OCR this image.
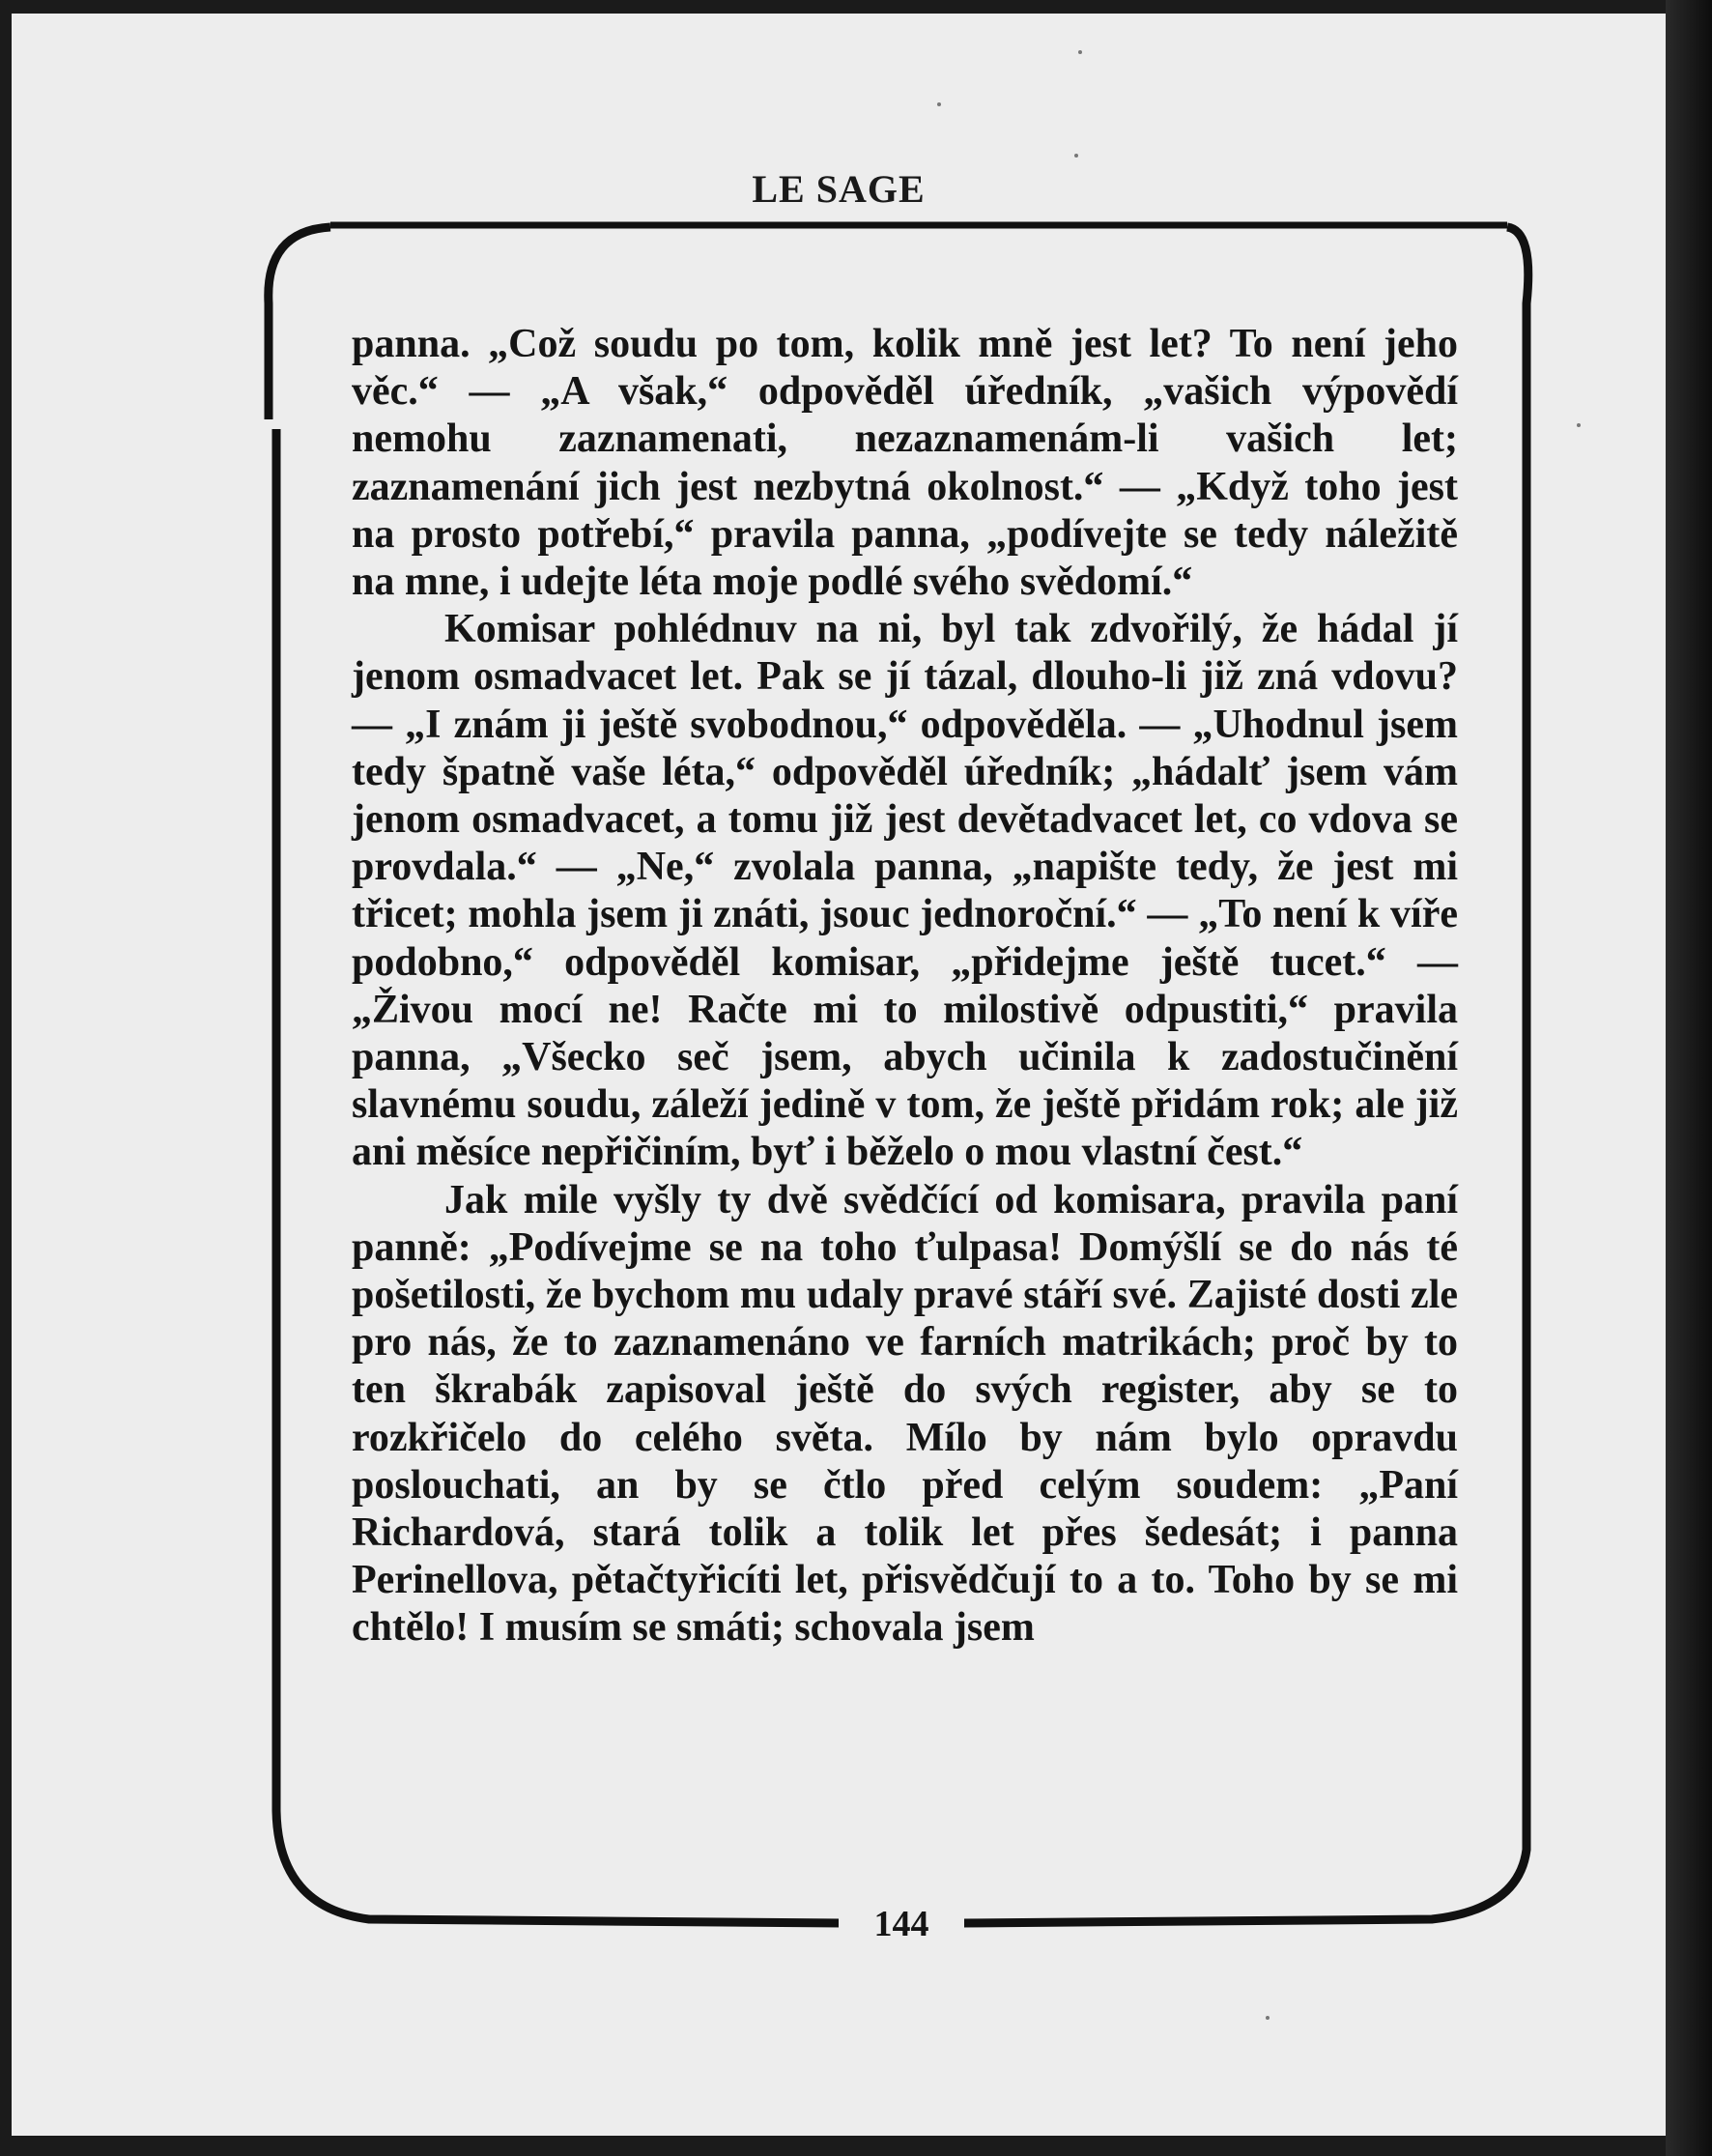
LE SAGE

panna. „Což soudu po tom, kolik mně jest let? To není jeho věc.“ — „A však,“ odpověděl úředník, „vašich výpovědí nemohu zaznamenati, nezaznamenám-li vašich let; zaznamenání jich jest nezbytná okolnost.“ — „Když toho jest na prosto potřebí,“ pravila panna, „podívejte se tedy náležitě na mne, i udejte léta moje podlé svého svědomí.“

Komisar pohlédnuv na ni, byl tak zdvořilý, že hádal jí jenom osmadvacet let. Pak se jí tázal, dlouho-li již zná vdovu? — „I znám ji ještě svobodnou,“ odpověděla. — „Uhodnul jsem tedy špatně vaše léta,“ odpověděl úředník; „hádalť jsem vám jenom osmadvacet, a tomu již jest devětadvacet let, co vdova se provdala.“ — „Ne,“ zvolala panna, „napište tedy, že jest mi třicet; mohla jsem ji znáti, jsouc jednoroční.“ — „To není k víře podobno,“ odpověděl komisar, „přidejme ještě tucet.“ — „Živou mocí ne! Račte mi to milostivě odpustiti,“ pravila panna, „Všecko seč jsem, abych učinila k zadostučinění slavnému soudu, záleží jedině v tom, že ještě přidám rok; ale již ani měsíce nepřičiním, byť i běželo o mou vlastní čest.“

Jak mile vyšly ty dvě svědčící od komisara, pravila paní panně: „Podívejme se na toho ťulpasa! Domýšlí se do nás té pošetilosti, že bychom mu udaly pravé stáří své. Zajisté dosti zle pro nás, že to zaznamenáno ve farních matrikách; proč by to ten škrabák zapisoval ještě do svých register, aby se to rozkřičelo do celého světa. Mílo by nám bylo opravdu poslouchati, an by se čtlo před celým soudem: „Paní Richardová, stará tolik a tolik let přes šedesát; i panna Perinellova, pětačtyřicíti let, přisvědčují to a to. Toho by se mi chtělo! I musím se smáti; schovala jsem

144
